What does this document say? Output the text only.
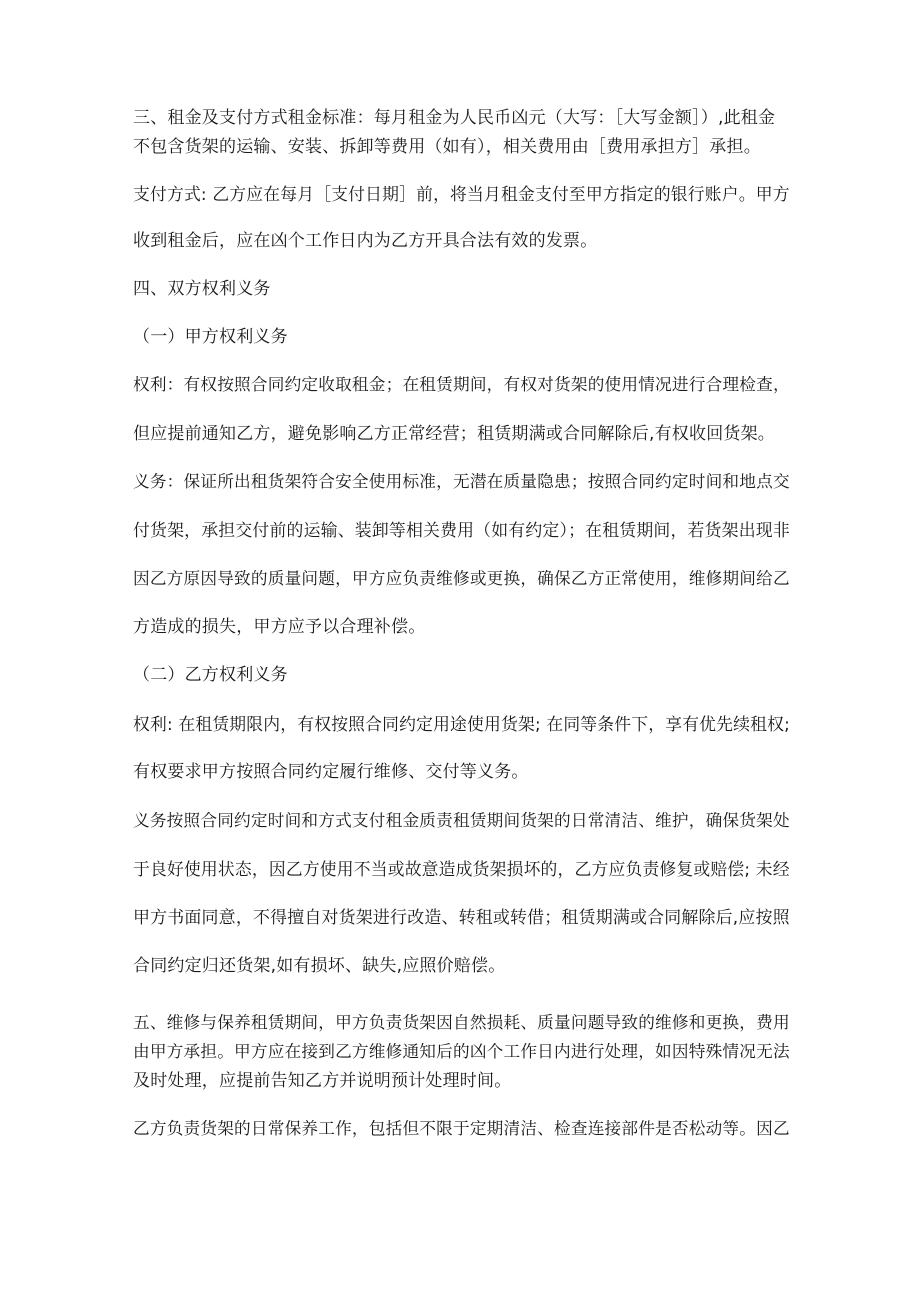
三、租金及支付方式租金标准：每月租金为人民币凶元（大写：［大写金额］）,此租金
不包含货架的运输、安装、拆卸等费用（如有），相关费用由［费用承担方］承担。
支付方式: 乙方应在每月［支付日期］前，将当月租金支付至甲方指定的银行账户。甲方
收到租金后，应在凶个工作日内为乙方开具合法有效的发票。
四、双方权利义务
（一）甲方权利义务
权利：有权按照合同约定收取租金；在租赁期间，有权对货架的使用情况进行合理检查，
但应提前通知乙方，避免影响乙方正常经营；租赁期满或合同解除后,有权收回货架。
义务：保证所出租货架符合安全使用标准，无潜在质量隐患；按照合同约定时间和地点交
付货架，承担交付前的运输、装卸等相关费用（如有约定）；在租赁期间，若货架出现非
因乙方原因导致的质量问题，甲方应负责维修或更换，确保乙方正常使用，维修期间给乙
方造成的损失，甲方应予以合理补偿。
（二）乙方权利义务
权利: 在租赁期限内，有权按照合同约定用途使用货架; 在同等条件下，享有优先续租权;
有权要求甲方按照合同约定履行维修、交付等义务。
义务按照合同约定时间和方式支付租金质责租赁期间货架的日常清洁、维护，确保货架处
于良好使用状态，因乙方使用不当或故意造成货架损坏的，乙方应负责修复或赔偿; 未经
甲方书面同意，不得擅自对货架进行改造、转租或转借；租赁期满或合同解除后,应按照
合同约定归还货架,如有损坏、缺失,应照价赔偿。
五、维修与保养租赁期间，甲方负责货架因自然损耗、质量问题导致的维修和更换，费用
由甲方承担。甲方应在接到乙方维修通知后的凶个工作日内进行处理，如因特殊情况无法
及时处理，应提前告知乙方并说明预计处理时间。
乙方负责货架的日常保养工作，包括但不限于定期清洁、检查连接部件是否松动等。因乙
